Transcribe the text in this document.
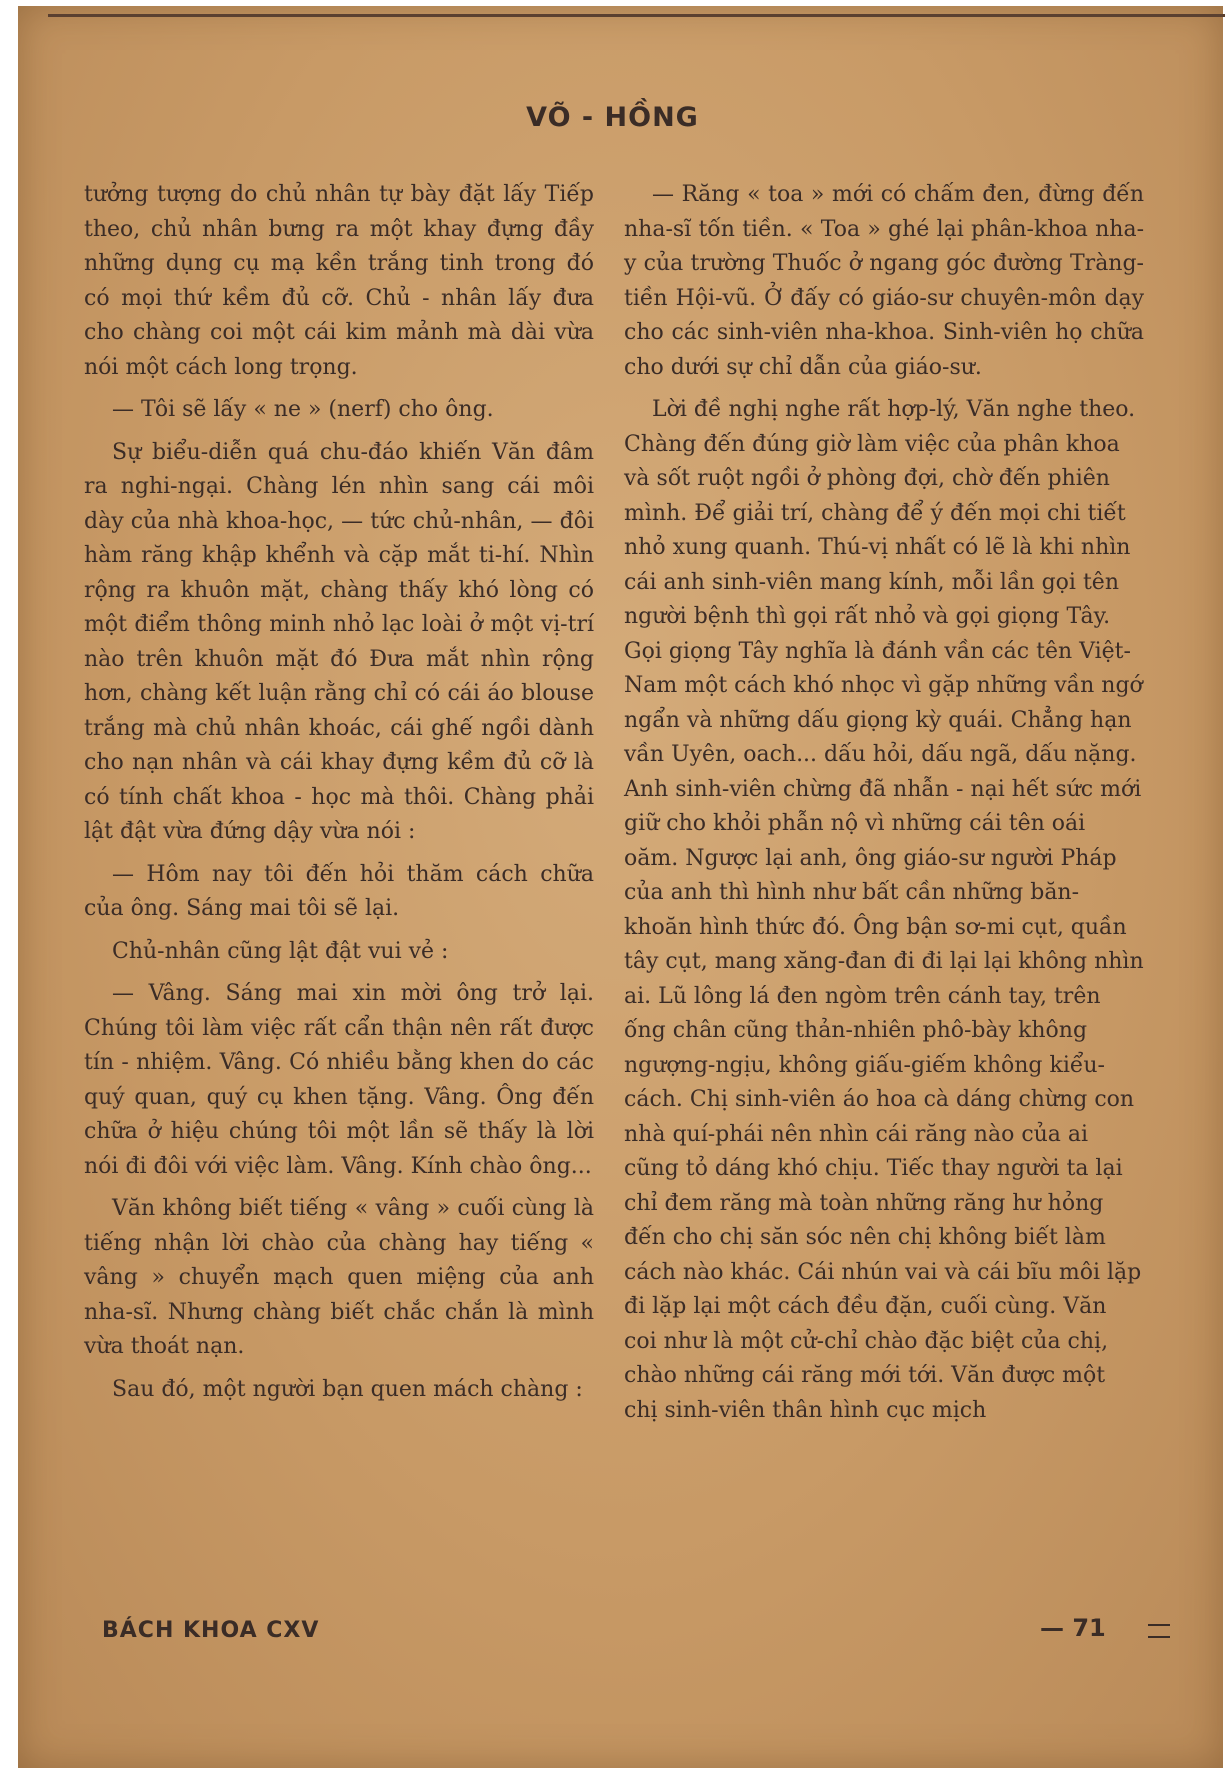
VÕ - HỒNG

tưởng tượng do chủ nhân tự bày đặt lấy Tiếp theo, chủ nhân bưng ra một khay đựng đầy những dụng cụ mạ kền trắng tinh trong đó có mọi thứ kềm đủ cỡ. Chủ - nhân lấy đưa cho chàng coi một cái kim mảnh mà dài vừa nói một cách long trọng.

— Tôi sẽ lấy « ne » (nerf) cho ông.

Sự biểu-diễn quá chu-đáo khiến Văn đâm ra nghi-ngại. Chàng lén nhìn sang cái môi dày của nhà khoa-học, — tức chủ-nhân, — đôi hàm răng khập khểnh và cặp mắt ti-hí. Nhìn rộng ra khuôn mặt, chàng thấy khó lòng có một điểm thông minh nhỏ lạc loài ở một vị-trí nào trên khuôn mặt đó Đưa mắt nhìn rộng hơn, chàng kết luận rằng chỉ có cái áo blouse trắng mà chủ nhân khoác, cái ghế ngồi dành cho nạn nhân và cái khay đựng kềm đủ cỡ là có tính chất khoa - học mà thôi. Chàng phải lật đật vừa đứng dậy vừa nói :

— Hôm nay tôi đến hỏi thăm cách chữa của ông. Sáng mai tôi sẽ lại.

Chủ-nhân cũng lật đật vui vẻ :

— Vâng. Sáng mai xin mời ông trở lại. Chúng tôi làm việc rất cẩn thận nên rất được tín - nhiệm. Vâng. Có nhiều bằng khen do các quý quan, quý cụ khen tặng. Vâng. Ông đến chữa ở hiệu chúng tôi một lần sẽ thấy là lời nói đi đôi với việc làm. Vâng. Kính chào ông...

Văn không biết tiếng « vâng » cuối cùng là tiếng nhận lời chào của chàng hay tiếng « vâng » chuyển mạch quen miệng của anh nha-sĩ. Nhưng chàng biết chắc chắn là mình vừa thoát nạn.

Sau đó, một người bạn quen mách chàng :

— Răng « toa » mới có chấm đen, đừng đến nha-sĩ tốn tiền. « Toa » ghé lại phân-khoa nha-y của trường Thuốc ở ngang góc đường Tràng-tiền Hội-vũ. Ở đấy có giáo-sư chuyên-môn dạy cho các sinh-viên nha-khoa. Sinh-viên họ chữa cho dưới sự chỉ dẫn của giáo-sư.

Lời đề nghị nghe rất hợp-lý, Văn nghe theo. Chàng đến đúng giờ làm việc của phân khoa và sốt ruột ngồi ở phòng đợi, chờ đến phiên mình. Để giải trí, chàng để ý đến mọi chi tiết nhỏ xung quanh. Thú-vị nhất có lẽ là khi nhìn cái anh sinh-viên mang kính, mỗi lần gọi tên người bệnh thì gọi rất nhỏ và gọi giọng Tây. Gọi giọng Tây nghĩa là đánh vần các tên Việt-Nam một cách khó nhọc vì gặp những vần ngớ ngẩn và những dấu giọng kỳ quái. Chẳng hạn vần Uyên, oach... dấu hỏi, dấu ngã, dấu nặng. Anh sinh-viên chừng đã nhẫn - nại hết sức mới giữ cho khỏi phẫn nộ vì những cái tên oái oăm. Ngược lại anh, ông giáo-sư người Pháp của anh thì hình như bất cần những băn-khoăn hình thức đó. Ông bận sơ-mi cụt, quần tây cụt, mang xăng-đan đi đi lại lại không nhìn ai. Lũ lông lá đen ngòm trên cánh tay, trên ống chân cũng thản-nhiên phô-bày không ngượng-ngịu, không giấu-giếm không kiểu-cách. Chị sinh-viên áo hoa cà dáng chừng con nhà quí-phái nên nhìn cái răng nào của ai cũng tỏ dáng khó chịu. Tiếc thay người ta lại chỉ đem răng mà toàn những răng hư hỏng đến cho chị săn sóc nên chị không biết làm cách nào khác. Cái nhún vai và cái bĩu môi lặp đi lặp lại một cách đều đặn, cuối cùng. Văn coi như là một cử-chỉ chào đặc biệt của chị, chào những cái răng mới tới. Văn được một chị sinh-viên thân hình cục mịch

BÁCH KHOA CXV	— 71
